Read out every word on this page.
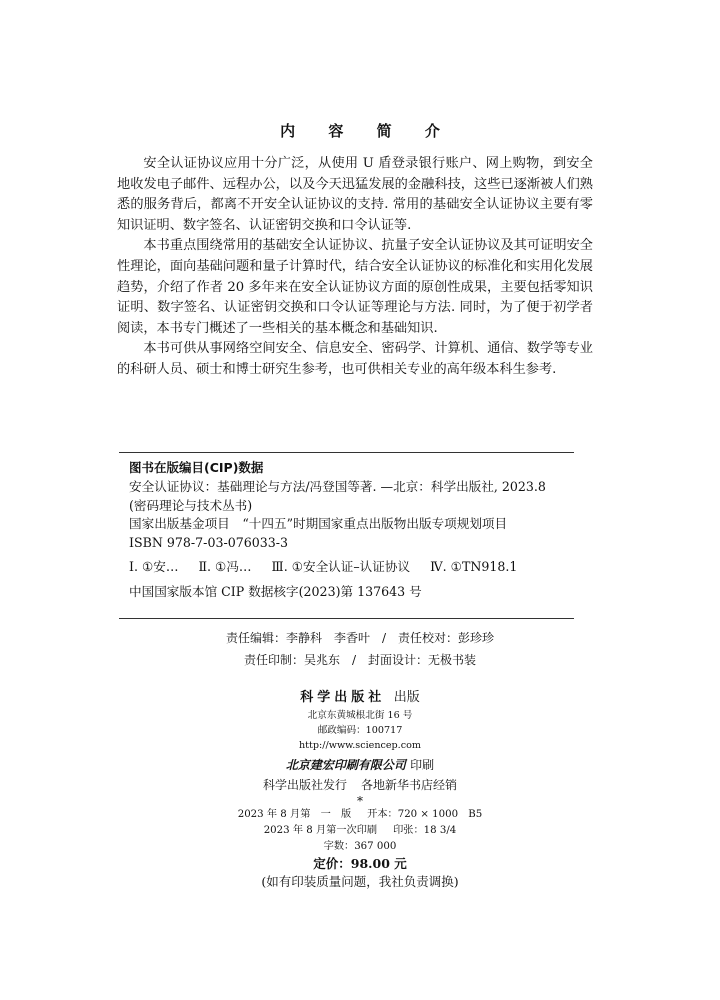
内 容 简 介

安全认证协议应用十分广泛，从使用 U 盾登录银行账户、网上购物，到安全地收发电子邮件、远程办公，以及今天迅猛发展的金融科技，这些已逐渐被人们熟悉的服务背后，都离不开安全认证协议的支持. 常用的基础安全认证协议主要有零知识证明、数字签名、认证密钥交换和口令认证等.

本书重点围绕常用的基础安全认证协议、抗量子安全认证协议及其可证明安全性理论，面向基础问题和量子计算时代，结合安全认证协议的标准化和实用化发展趋势，介绍了作者 20 多年来在安全认证协议方面的原创性成果，主要包括零知识证明、数字签名、认证密钥交换和口令认证等理论与方法. 同时，为了便于初学者阅读，本书专门概述了一些相关的基本概念和基础知识.

本书可供从事网络空间安全、信息安全、密码学、计算机、通信、数学等专业的科研人员、硕士和博士研究生参考，也可供相关专业的高年级本科生参考.

图书在版编目(CIP)数据
安全认证协议：基础理论与方法/冯登国等著. —北京：科学出版社, 2023.8
(密码理论与技术丛书)
国家出版基金项目　“十四五”时期国家重点出版物出版专项规划项目
ISBN 978-7-03-076033-3
Ⅰ. ①安… Ⅱ. ①冯… Ⅲ. ①安全认证–认证协议 Ⅳ. ①TN918.1
中国国家版本馆 CIP 数据核字(2023)第 137643 号
责任编辑：李静科　李香叶 / 责任校对：彭珍珍
责任印制：吴兆东 / 封面设计：无极书装
科学出版社 出版
北京东黄城根北街 16 号
邮政编码：100717
http://www.sciencep.com
北京建宏印刷有限公司 印刷
科学出版社发行 各地新华书店经销
*
2023 年 8 月第　一　版 开本：720 × 1000　B5
2023 年 8 月第一次印刷 印张：18 3/4
字数：367 000
定价：98.00 元
(如有印装质量问题，我社负责调换)
